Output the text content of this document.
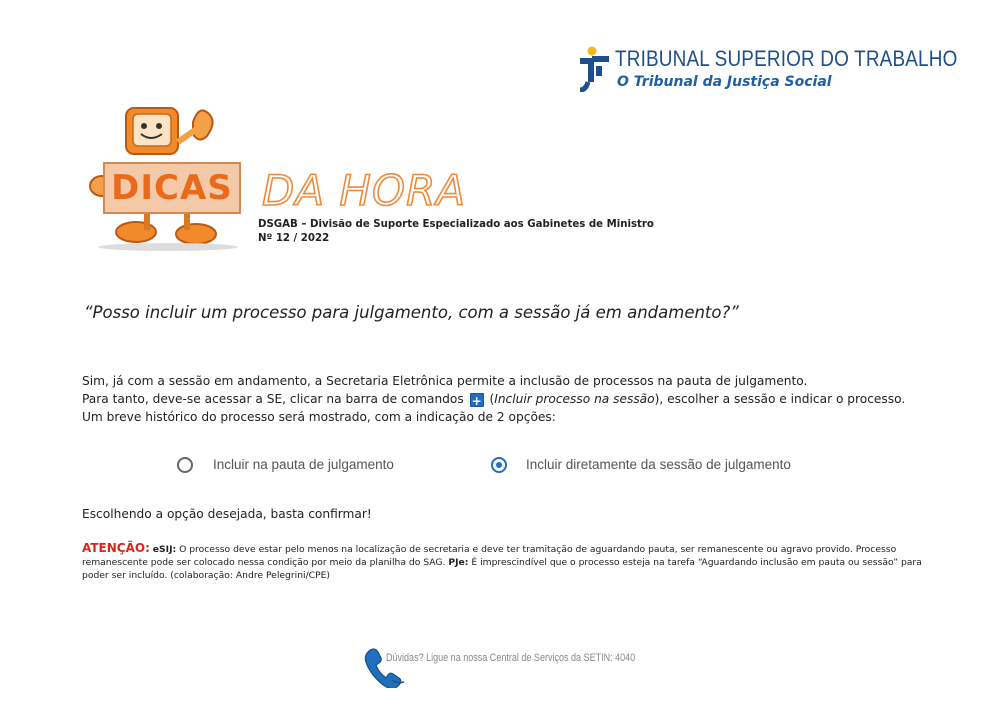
TRIBUNAL SUPERIOR DO TRABALHO
O Tribunal da Justiça Social
DICAS DA HORA
DSGAB – Divisão de Suporte Especializado aos Gabinetes de Ministro
Nº 12 / 2022
“Posso incluir um processo para julgamento, com a sessão já em andamento?”
Sim, já com a sessão em andamento, a Secretaria Eletrônica permite a inclusão de processos na pauta de julgamento.
Para tanto, deve-se acessar a SE, clicar na barra de comandos + (Incluir processo na sessão), escolher a sessão e indicar o processo.
Um breve histórico do processo será mostrado, com a indicação de 2 opções:
Incluir na pauta de julgamento	Incluir diretamente da sessão de julgamento
Escolhendo a opção desejada, basta confirmar!
ATENÇÃO: eSIJ: O processo deve estar pelo menos na localização de secretaria e deve ter tramitação de aguardando pauta, ser remanescente ou agravo provido. Processo remanescente pode ser colocado nessa condição por meio da planilha do SAG. PJe: É imprescindível que o processo esteja na tarefa “Aguardando inclusão em pauta ou sessão” para poder ser incluído. (colaboração: Andre Pelegrini/CPE)
Dúvidas? Ligue na nossa Central de Serviços da SETIN: 4040
